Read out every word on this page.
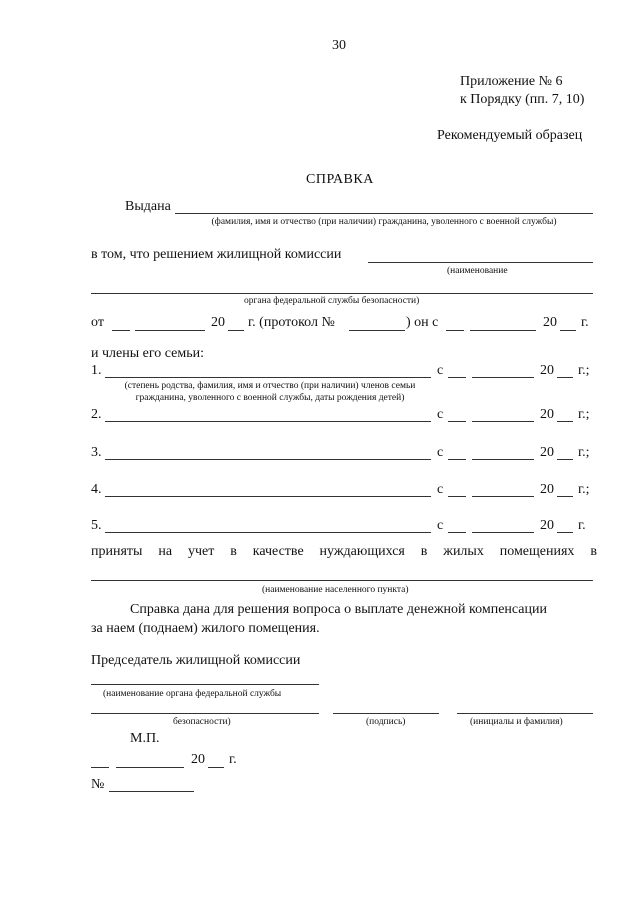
30
Приложение № 6
к Порядку (пп. 7, 10)
Рекомендуемый образец
СПРАВКА
Выдана
(фамилия, имя и отчество (при наличии) гражданина, уволенного с военной службы)
в том, что решением жилищной комиссии
(наименование
органа федеральной службы безопасности)
от	20 г. (протокол №	) он с	20 г.
и члены его семьи:
1.	с	20 г.;
(степень родства, фамилия, имя и отчество (при наличии) членов семьи
гражданина, уволенного с военной службы, даты рождения детей)
2.	с	20 г.;
3.	с	20 г.;
4.	с	20 г.;
5.	с	20 г.
приняты на учет в качестве нуждающихся в жилых помещениях в
(наименование населенного пункта)
Справка дана для решения вопроса о выплате денежной компенсации
за наем (поднаем) жилого помещения.
Председатель жилищной комиссии
(наименование органа федеральной службы
безопасности)	(подпись)	(инициалы и фамилия)
М.П.
20 г.
№
